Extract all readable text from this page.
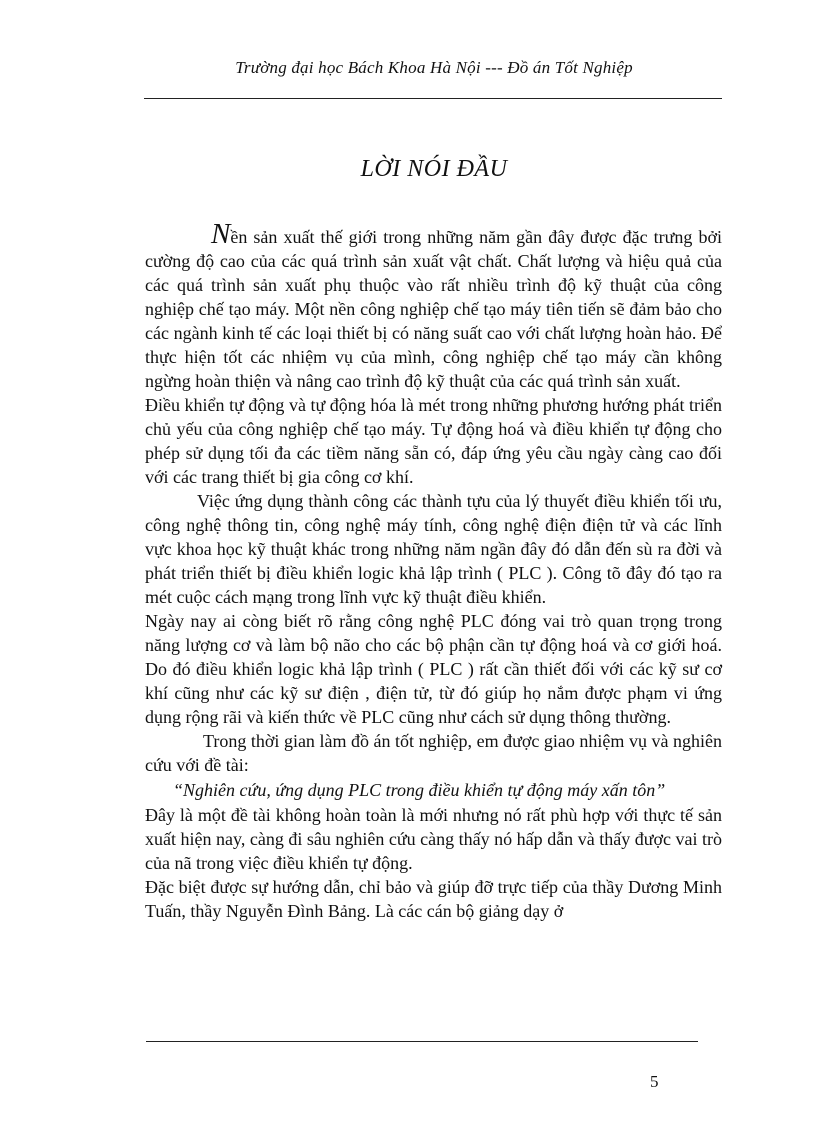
Trường đại học Bách Khoa Hà Nội --- Đồ án Tốt Nghiệp
LỜI NÓI ĐẦU

Nền sản xuất thế giới trong những năm gần đây được đặc trưng bởi cường độ cao của các quá trình sản xuất vật chất. Chất lượng và hiệu quả của các quá trình sản xuất phụ thuộc vào rất nhiều trình độ kỹ thuật của công nghiệp chế tạo máy. Một nền công nghiệp chế tạo máy tiên tiến sẽ đảm bảo cho các ngành kinh tế các loại thiết bị có năng suất cao với chất lượng hoàn hảo. Để thực hiện tốt các nhiệm vụ của mình, công nghiệp chế tạo máy cần không ngừng hoàn thiện và nâng cao trình độ kỹ thuật của các quá trình sản xuất.

Điều khiển tự động và tự động hóa là mét trong những phương hướng phát triển chủ yếu của công nghiệp chế tạo máy. Tự động hoá và điều khiển tự động cho phép sử dụng tối đa các tiềm năng sẵn có, đáp ứng yêu cầu ngày càng cao đối với các trang thiết bị gia công cơ khí.

Việc ứng dụng thành công các thành tựu của lý thuyết điều khiển tối ưu, công nghệ thông tin, công nghệ máy tính, công nghệ điện điện tử và các lĩnh vực khoa học kỹ thuật khác trong những năm ngần đây đó dẫn đến sù ra đời và phát triển thiết bị điều khiển logic khả lập trình ( PLC ). Công tõ đây đó tạo ra mét cuộc cách mạng trong lĩnh vực kỹ thuật điều khiển.

Ngày nay ai còng biết rõ rằng công nghệ PLC đóng vai trò quan trọng trong năng lượng cơ và làm bộ não cho các bộ phận cần tự động hoá và cơ giới hoá. Do đó điều khiển logic khả lập trình ( PLC ) rất cần thiết đối với các kỹ sư cơ khí cũng như các kỹ sư điện , điện tử, từ đó giúp họ nắm được phạm vi ứng dụng rộng rãi và kiến thức về PLC cũng như cách sử dụng thông thường.

Trong thời gian làm đồ án tốt nghiệp, em được giao nhiệm vụ và nghiên cứu với đề tài:

“Nghiên cứu, ứng dụng PLC trong điều khiển tự động máy xấn tôn”

Đây là một đề tài không hoàn toàn là mới nhưng nó rất phù hợp với thực tế sản xuất hiện nay, càng đi sâu nghiên cứu càng thấy nó hấp dẫn và thấy được vai trò của nã trong việc điều khiển tự động.

Đặc biệt được sự hướng dẫn, chỉ bảo và giúp đỡ trực tiếp của thầy Dương Minh Tuấn, thầy Nguyễn Đình Bảng. Là các cán bộ giảng dạy ở

5
